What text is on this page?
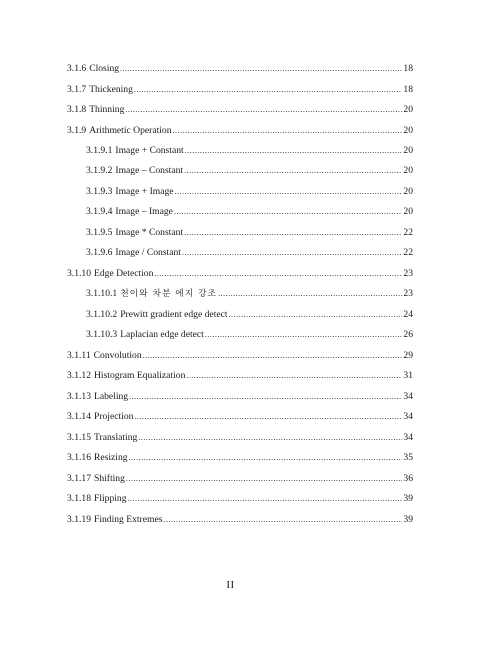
3.1.6 Closing .....	18
3.1.7 Thickening .....	18
3.1.8 Thinning .....	20
3.1.9 Arithmetic Operation .....	20
3.1.9.1 Image + Constant .....	20
3.1.9.2 Image – Constant .....	20
3.1.9.3 Image + Image .....	20
3.1.9.4 Image – Image .....	20
3.1.9.5 Image * Constant .....	22
3.1.9.6 Image / Constant .....	22
3.1.10 Edge Detection .....	23
3.1.10.1 천이와 차분 에지 강조 .....	23
3.1.10.2 Prewitt gradient edge detect .....	24
3.1.10.3 Laplacian edge detect .....	26
3.1.11 Convolution .....	29
3.1.12 Histogram Equalization .....	31
3.1.13 Labeling .....	34
3.1.14 Projection .....	34
3.1.15 Translating .....	34
3.1.16 Resizing .....	35
3.1.17 Shifting .....	36
3.1.18 Flipping .....	39
3.1.19 Finding Extremes .....	39
II
